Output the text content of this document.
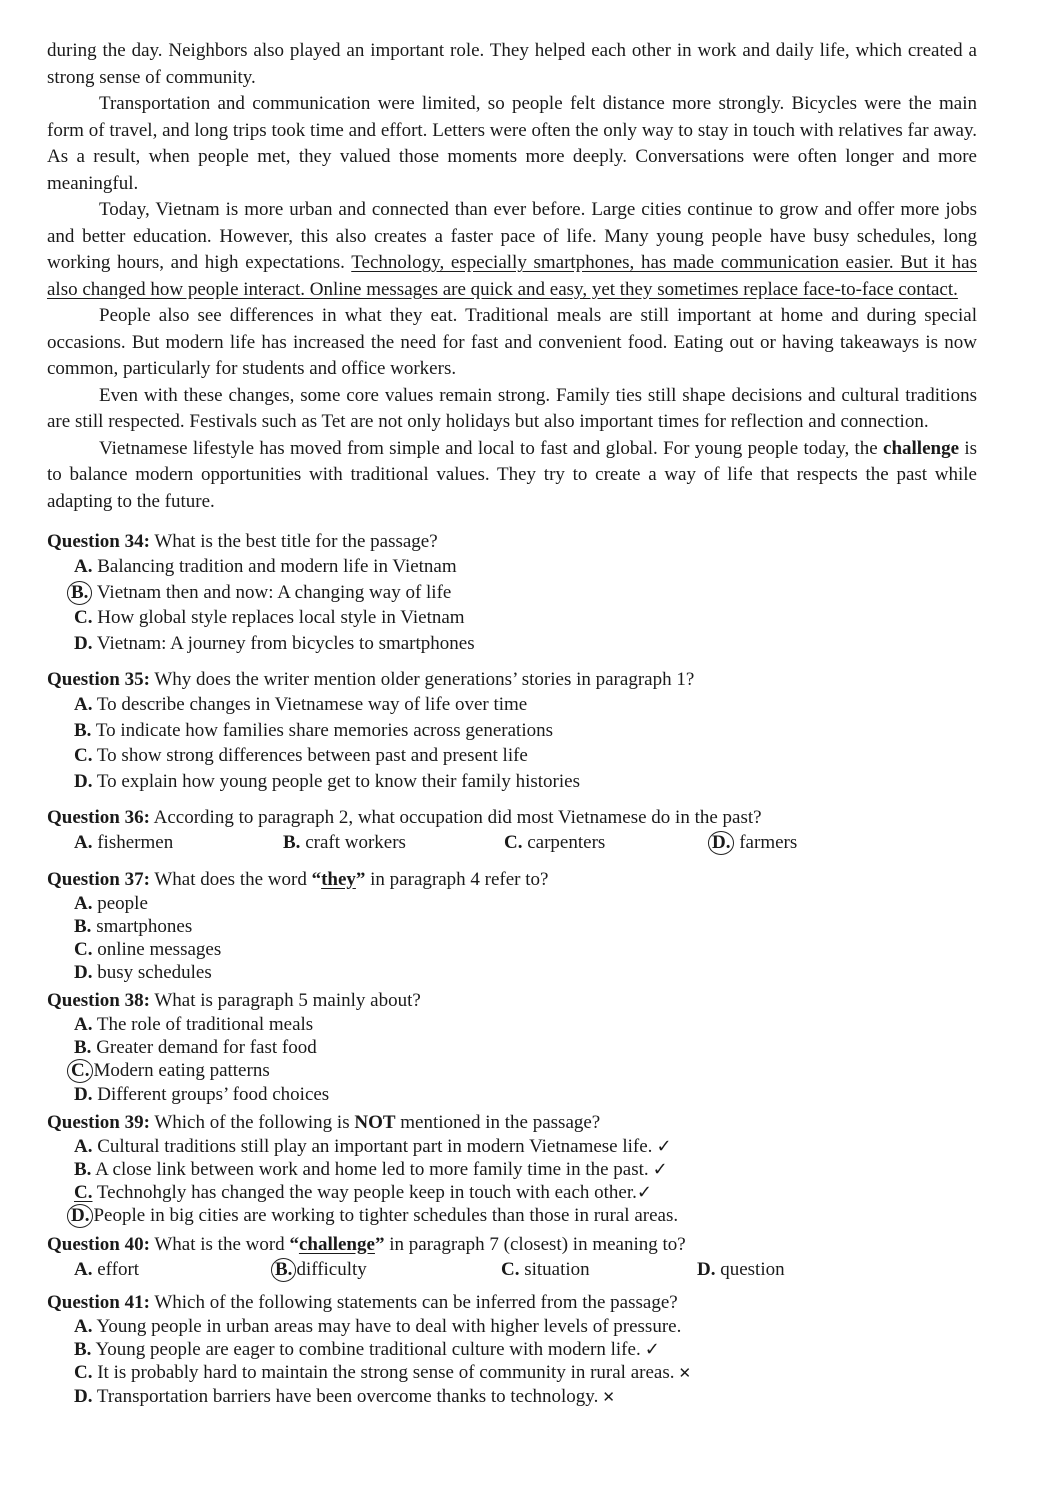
during the day. Neighbors also played an important role. They helped each other in work and daily life, which created a strong sense of community.

Transportation and communication were limited, so people felt distance more strongly. Bicycles were the main form of travel, and long trips took time and effort. Letters were often the only way to stay in touch with relatives far away. As a result, when people met, they valued those moments more deeply. Conversations were often longer and more meaningful.

Today, Vietnam is more urban and connected than ever before. Large cities continue to grow and offer more jobs and better education. However, this also creates a faster pace of life. Many young people have busy schedules, long working hours, and high expectations. Technology, especially smartphones, has made communication easier. But it has also changed how people interact. Online messages are quick and easy, yet they sometimes replace face-to-face contact.

People also see differences in what they eat. Traditional meals are still important at home and during special occasions. But modern life has increased the need for fast and convenient food. Eating out or having takeaways is now common, particularly for students and office workers.

Even with these changes, some core values remain strong. Family ties still shape decisions and cultural traditions are still respected. Festivals such as Tet are not only holidays but also important times for reflection and connection.

Vietnamese lifestyle has moved from simple and local to fast and global. For young people today, the challenge is to balance modern opportunities with traditional values. They try to create a way of life that respects the past while adapting to the future.

Question 34: What is the best title for the passage?
A. Balancing tradition and modern life in Vietnam
B. Vietnam then and now: A changing way of life
C. How global style replaces local style in Vietnam
D. Vietnam: A journey from bicycles to smartphones
Question 35: Why does the writer mention older generations’ stories in paragraph 1?
A. To describe changes in Vietnamese way of life over time
B. To indicate how families share memories across generations
C. To show strong differences between past and present life
D. To explain how young people get to know their family histories
Question 36: According to paragraph 2, what occupation did most Vietnamese do in the past?
A. fishermen	B. craft workers	C. carpenters	D. farmers
Question 37: What does the word “they” in paragraph 4 refer to?
A. people
B. smartphones
C. online messages
D. busy schedules
Question 38: What is paragraph 5 mainly about?
A. The role of traditional meals
B. Greater demand for fast food
C. Modern eating patterns
D. Different groups’ food choices
Question 39: Which of the following is NOT mentioned in the passage?
A. Cultural traditions still play an important part in modern Vietnamese life. ✓
B. A close link between work and home led to more family time in the past. ✓
C. Technohgly has changed the way people keep in touch with each other.✓
D. People in big cities are working to tighter schedules than those in rural areas.
Question 40: What is the word “challenge” in paragraph 7 (closest) in meaning to?
A. effort	B. difficulty	C. situation	D. question
Question 41: Which of the following statements can be inferred from the passage?
A. Young people in urban areas may have to deal with higher levels of pressure.
B. Young people are eager to combine traditional culture with modern life. ✓
C. It is probably hard to maintain the strong sense of community in rural areas. ✕
D. Transportation barriers have been overcome thanks to technology. ✕
